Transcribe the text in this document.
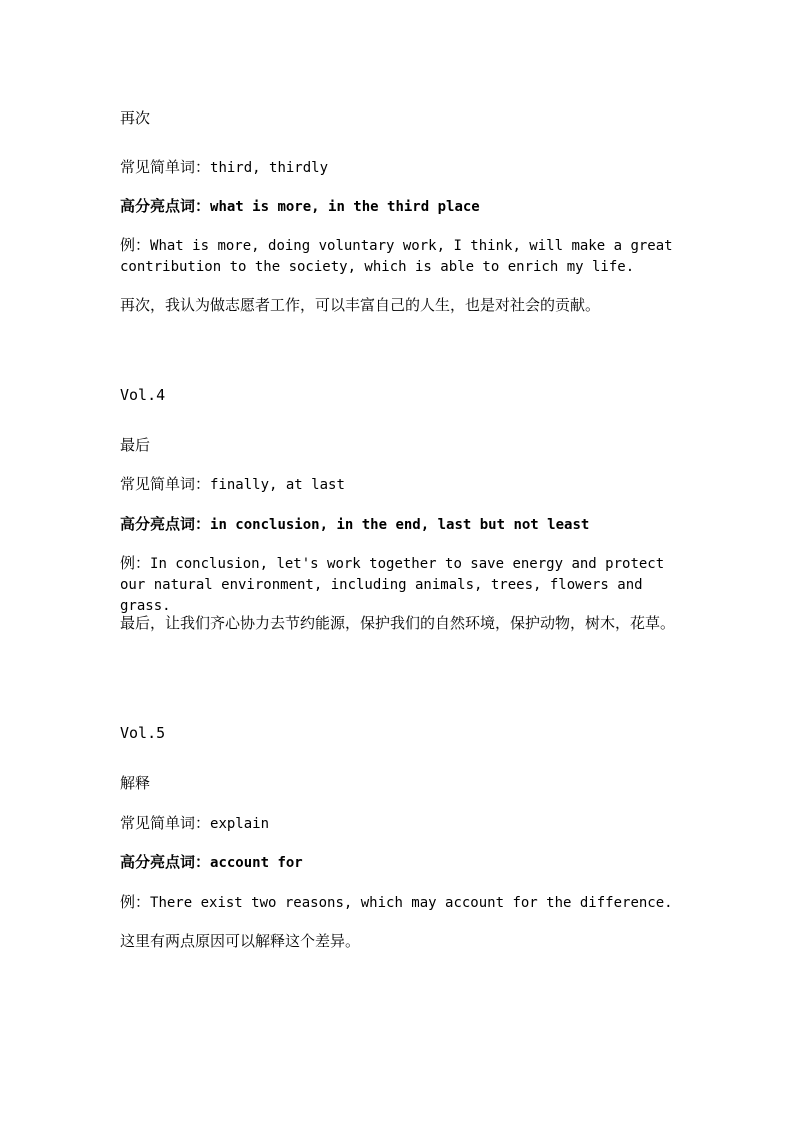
再次

常见简单词：third, thirdly

高分亮点词：what is more, in the third place

例：What is more, doing voluntary work, I think, will make a great contribution to the society, which is able to enrich my life.

再次，我认为做志愿者工作，可以丰富自己的人生，也是对社会的贡献。

Vol.4

最后

常见简单词：finally, at last

高分亮点词：in conclusion, in the end, last but not least

例：In conclusion, let's work together to save energy and protect our natural environment, including animals, trees, flowers and grass.

最后，让我们齐心协力去节约能源，保护我们的自然环境，保护动物，树木，花草。

Vol.5

解释

常见简单词：explain

高分亮点词：account for

例：There exist two reasons, which may account for the difference.

这里有两点原因可以解释这个差异。
